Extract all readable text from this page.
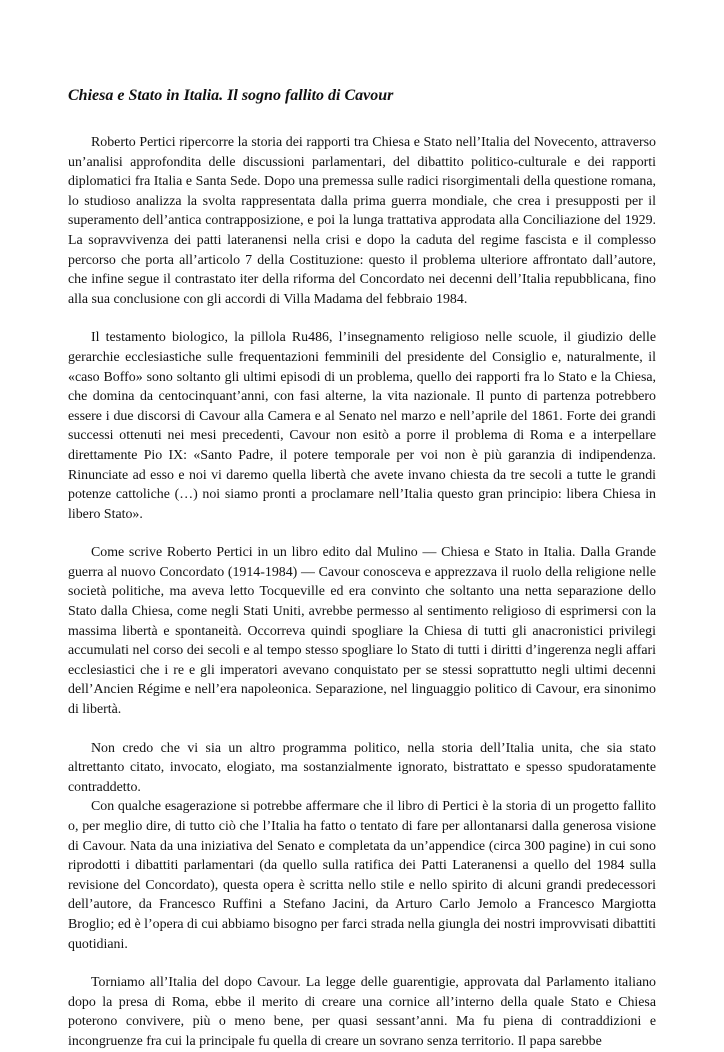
Chiesa e Stato in Italia. Il sogno fallito di Cavour

Roberto Pertici ripercorre la storia dei rapporti tra Chiesa e Stato nell’Italia del Novecento, attraverso un’analisi approfondita delle discussioni parlamentari, del dibattito politico-culturale e dei rapporti diplomatici fra Italia e Santa Sede. Dopo una premessa sulle radici risorgimentali della questione romana, lo studioso analizza la svolta rappresentata dalla prima guerra mondiale, che crea i presupposti per il superamento dell’antica contrapposizione, e poi la lunga trattativa approdata alla Conciliazione del 1929. La sopravvivenza dei patti lateranensi nella crisi e dopo la caduta del regime fascista e il complesso percorso che porta all’articolo 7 della Costituzione: questo il problema ulteriore affrontato dall’autore, che infine segue il contrastato iter della riforma del Concordato nei decenni dell’Italia repubblicana, fino alla sua conclusione con gli accordi di Villa Madama del febbraio 1984.

Il testamento biologico, la pillola Ru486, l’insegnamento religioso nelle scuole, il giudizio delle gerarchie ecclesiastiche sulle frequentazioni femminili del presidente del Consiglio e, naturalmente, il «caso Boffo» sono soltanto gli ultimi episodi di un problema, quello dei rapporti fra lo Stato e la Chiesa, che domina da centocinquant’anni, con fasi alterne, la vita nazionale. Il punto di partenza potrebbero essere i due discorsi di Cavour alla Camera e al Senato nel marzo e nell’aprile del 1861. Forte dei grandi successi ottenuti nei mesi precedenti, Cavour non esitò a porre il problema di Roma e a interpellare direttamente Pio IX: «Santo Padre, il potere temporale per voi non è più garanzia di indipendenza. Rinunciate ad esso e noi vi daremo quella libertà che avete invano chiesta da tre secoli a tutte le grandi potenze cattoliche (…) noi siamo pronti a proclamare nell’Italia questo gran principio: libera Chiesa in libero Stato».

Come scrive Roberto Pertici in un libro edito dal Mulino — Chiesa e Stato in Italia. Dalla Grande guerra al nuovo Concordato (1914-1984) — Cavour conosceva e apprezzava il ruolo della religione nelle società politiche, ma aveva letto Tocqueville ed era convinto che soltanto una netta separazione dello Stato dalla Chiesa, come negli Stati Uniti, avrebbe permesso al sentimento religioso di esprimersi con la massima libertà e spontaneità. Occorreva quindi spogliare la Chiesa di tutti gli anacronistici privilegi accumulati nel corso dei secoli e al tempo stesso spogliare lo Stato di tutti i diritti d’ingerenza negli affari ecclesiastici che i re e gli imperatori avevano conquistato per se stessi soprattutto negli ultimi decenni dell’Ancien Régime e nell’era napoleonica. Separazione, nel linguaggio politico di Cavour, era sinonimo di libertà.

Non credo che vi sia un altro programma politico, nella storia dell’Italia unita, che sia stato altrettanto citato, invocato, elogiato, ma sostanzialmente ignorato, bistrattato e spesso spudoratamente contraddetto.

Con qualche esagerazione si potrebbe affermare che il libro di Pertici è la storia di un progetto fallito o, per meglio dire, di tutto ciò che l’Italia ha fatto o tentato di fare per allontanarsi dalla generosa visione di Cavour. Nata da una iniziativa del Senato e completata da un’appendice (circa 300 pagine) in cui sono riprodotti i dibattiti parlamentari (da quello sulla ratifica dei Patti Lateranensi a quello del 1984 sulla revisione del Concordato), questa opera è scritta nello stile e nello spirito di alcuni grandi predecessori dell’autore, da Francesco Ruffini a Stefano Jacini, da Arturo Carlo Jemolo a Francesco Margiotta Broglio; ed è l’opera di cui abbiamo bisogno per farci strada nella giungla dei nostri improvvisati dibattiti quotidiani.

Torniamo all’Italia del dopo Cavour. La legge delle guarentigie, approvata dal Parlamento italiano dopo la presa di Roma, ebbe il merito di creare una cornice all’interno della quale Stato e Chiesa poterono convivere, più o meno bene, per quasi sessant’anni. Ma fu piena di contraddizioni e incongruenze fra cui la principale fu quella di creare un sovrano senza territorio. Il papa sarebbe
